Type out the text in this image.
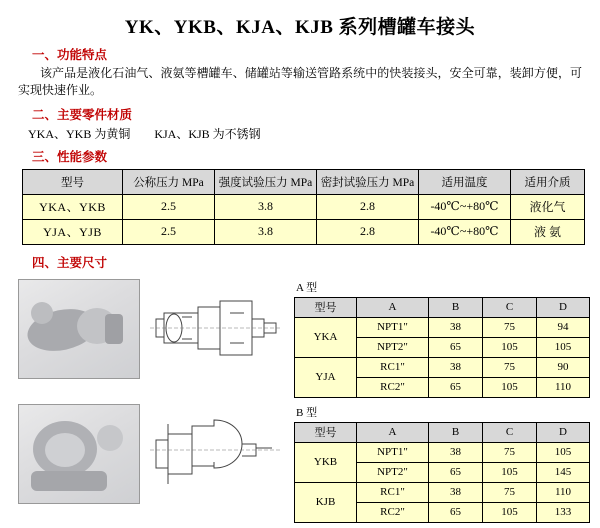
YK、YKB、KJA、KJB 系列槽罐车接头
一、功能特点
该产品是液化石油气、液氨等槽罐车、储罐站等输送管路系统中的快装接头，安全可靠，装卸方便，可实现快速作业。
二、主要零件材质
YKA、YKB 为黄铜        KJA、KJB 为不锈钢
三、性能参数
型号	公称压力 MPa	强度试验压力 MPa	密封试验压力 MPa	适用温度	适用介质
YKA、YKB	2.5	3.8	2.8	-40℃~+80℃	液化气
YJA、YJB	2.5	3.8	2.8	-40℃~+80℃	液 氨
四、主要尺寸
A 型
型号	A	B	C	D
YKA	NPT1"	38	75	94
	NPT2"	65	105	105
YJA	RC1"	38	75	90
	RC2"	65	105	110
B 型
型号	A	B	C	D
YKB	NPT1"	38	75	105
	NPT2"	65	105	145
KJB	RC1"	38	75	110
	RC2"	65	105	133
